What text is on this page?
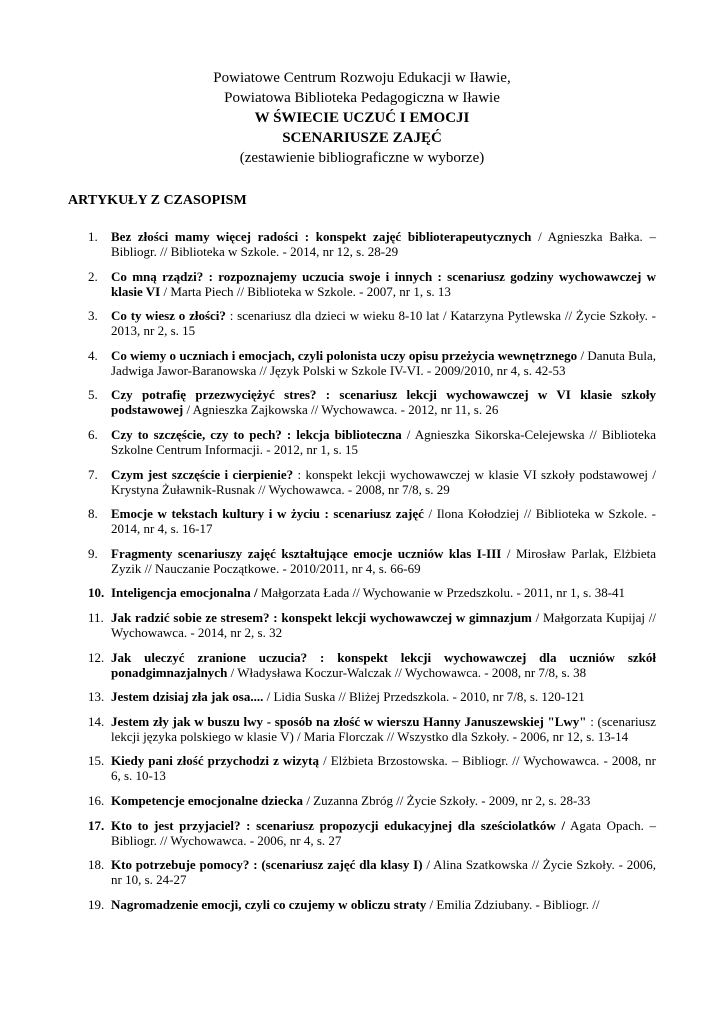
Powiatowe Centrum Rozwoju Edukacji w Iławie,
Powiatowa Biblioteka Pedagogiczna w Iławie
W ŚWIECIE UCZUĆ I EMOCJI
SCENARIUSZE ZAJĘĆ
(zestawienie bibliograficzne w wyborze)
ARTYKUŁY Z CZASOPISM
1.	Bez złości mamy więcej radości : konspekt zajęć biblioterapeutycznych / Agnieszka Bałka. – Bibliogr. // Biblioteka w Szkole. - 2014, nr 12, s. 28-29
2.	Co mną rządzi? : rozpoznajemy uczucia swoje i innych : scenariusz godziny wychowawczej w klasie VI / Marta Piech // Biblioteka w Szkole. - 2007, nr 1, s. 13
3.	Co ty wiesz o złości? : scenariusz dla dzieci w wieku 8-10 lat / Katarzyna Pytlewska // Życie Szkoły. - 2013, nr 2, s. 15
4.	Co wiemy o uczniach i emocjach, czyli polonista uczy opisu przeżycia wewnętrznego / Danuta Bula, Jadwiga Jawor-Baranowska // Język Polski w Szkole IV-VI. - 2009/2010, nr 4, s. 42-53
5.	Czy potrafię przezwyciężyć stres? : scenariusz lekcji wychowawczej w VI klasie szkoły podstawowej / Agnieszka Zajkowska // Wychowawca. - 2012, nr 11, s. 26
6.	Czy to szczęście, czy to pech? : lekcja biblioteczna / Agnieszka Sikorska-Celejewska // Biblioteka Szkolne Centrum Informacji. - 2012, nr 1, s. 15
7.	Czym jest szczęście i cierpienie? : konspekt lekcji wychowawczej w klasie VI szkoły podstawowej / Krystyna Żuławnik-Rusnak // Wychowawca. - 2008, nr 7/8, s. 29
8.	Emocje w tekstach kultury i w życiu : scenariusz zajęć / Ilona Kołodziej // Biblioteka w Szkole. - 2014, nr 4, s. 16-17
9.	Fragmenty scenariuszy zajęć kształtujące emocje uczniów klas I-III / Mirosław Parlak, Elżbieta Zyzik // Nauczanie Początkowe. - 2010/2011, nr 4, s. 66-69
10. Inteligencja emocjonalna / Małgorzata Łada // Wychowanie w Przedszkolu. - 2011, nr 1, s. 38-41
11. Jak radzić sobie ze stresem? : konspekt lekcji wychowawczej w gimnazjum / Małgorzata Kupijaj // Wychowawca. - 2014, nr 2, s. 32
12. Jak uleczyć zranione uczucia? : konspekt lekcji wychowawczej dla uczniów szkół ponadgimnazjalnych / Władysława Koczur-Walczak // Wychowawca. - 2008, nr 7/8, s. 38
13. Jestem dzisiaj zła jak osa.... / Lidia Suska // Bliżej Przedszkola. - 2010, nr 7/8, s. 120-121
14. Jestem zły jak w buszu lwy - sposób na złość w wierszu Hanny Januszewskiej "Lwy" : (scenariusz lekcji języka polskiego w klasie V) / Maria Florczak // Wszystko dla Szkoły. - 2006, nr 12, s. 13-14
15. Kiedy pani złość przychodzi z wizytą / Elżbieta Brzostowska. – Bibliogr. // Wychowawca. - 2008, nr 6, s. 10-13
16. Kompetencje emocjonalne dziecka / Zuzanna Zbróg // Życie Szkoły. - 2009, nr 2, s. 28-33
17. Kto to jest przyjaciel? : scenariusz propozycji edukacyjnej dla sześciolatków / Agata Opach. – Bibliogr. // Wychowawca. - 2006, nr 4, s. 27
18. Kto potrzebuje pomocy? : (scenariusz zajęć dla klasy I) / Alina Szatkowska // Życie Szkoły. - 2006, nr 10, s. 24-27
19. Nagromadzenie emocji, czyli co czujemy w obliczu straty / Emilia Zdziubany. - Bibliogr. //
